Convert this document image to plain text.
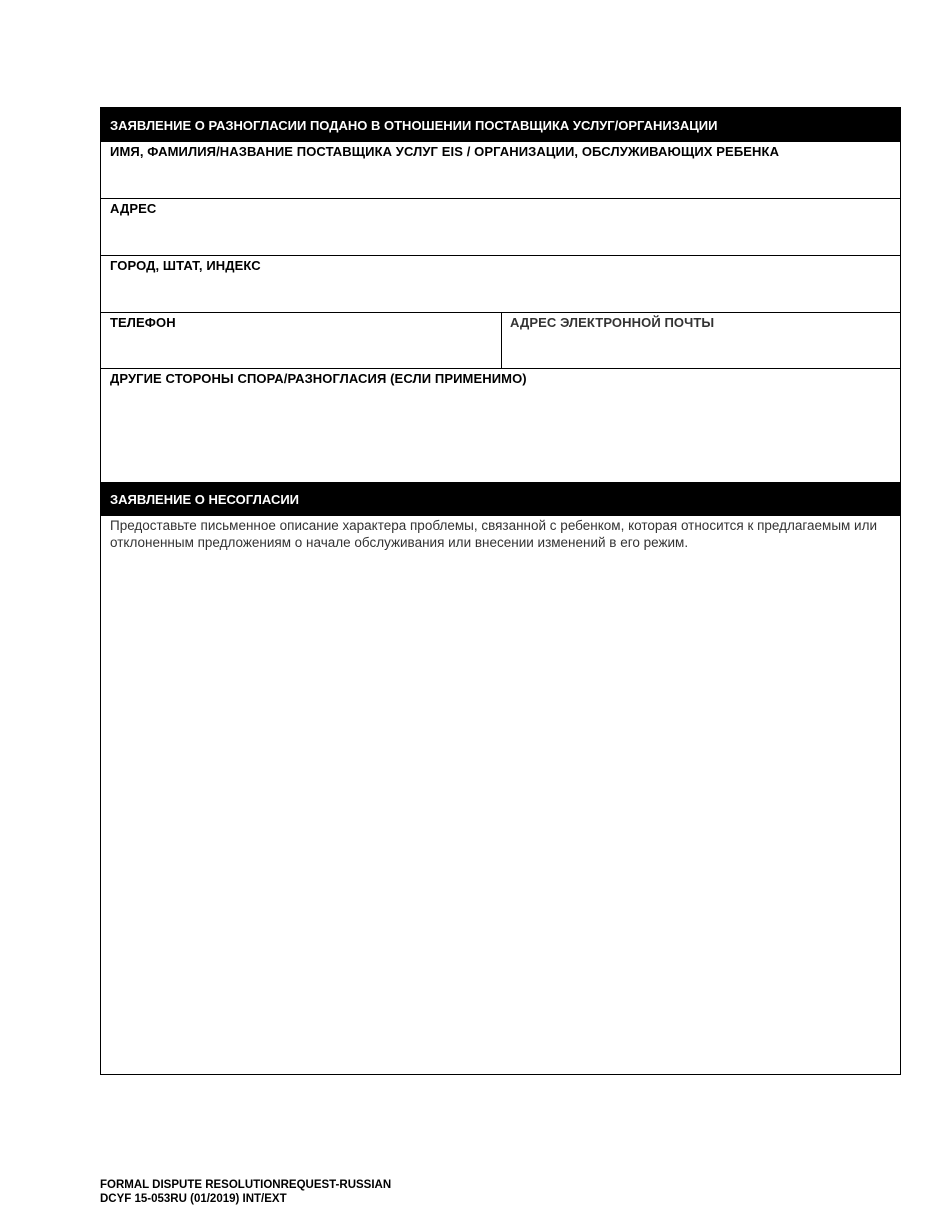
ЗАЯВЛЕНИЕ О РАЗНОГЛАСИИ ПОДАНО В ОТНОШЕНИИ ПОСТАВЩИКА УСЛУГ/ОРГАНИЗАЦИИ
ИМЯ, ФАМИЛИЯ/НАЗВАНИЕ ПОСТАВЩИКА УСЛУГ EIS / ОРГАНИЗАЦИИ, ОБСЛУЖИВАЮЩИХ РЕБЕНКА
АДРЕС
ГОРОД, ШТАТ, ИНДЕКС
ТЕЛЕФОН	АДРЕС ЭЛЕКТРОННОЙ ПОЧТЫ
ДРУГИЕ СТОРОНЫ СПОРА/РАЗНОГЛАСИЯ (ЕСЛИ ПРИМЕНИМО)
ЗАЯВЛЕНИЕ О НЕСОГЛАСИИ
Предоставьте письменное описание характера проблемы, связанной с ребенком, которая относится к предлагаемым или отклоненным предложениям о начале обслуживания или внесении изменений в его режим.
FORMAL DISPUTE RESOLUTIONREQUEST-RUSSIAN
DCYF 15-053RU (01/2019) INT/EXT
